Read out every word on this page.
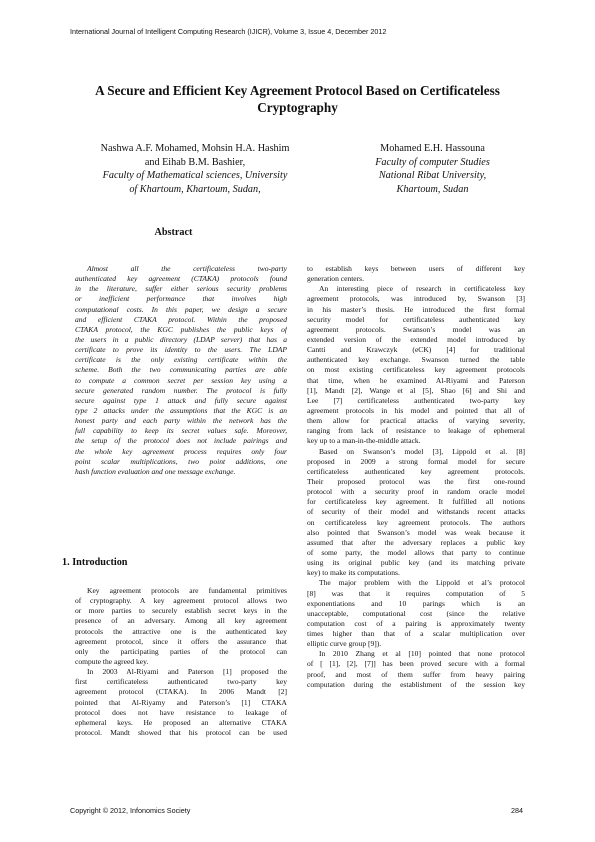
International Journal of Intelligent Computing Research (IJICR), Volume 3, Issue 4, December 2012
A Secure and Efficient Key Agreement Protocol Based on Certificateless
Cryptography
Nashwa A.F. Mohamed, Mohsin H.A. Hashim
and Eihab B.M. Bashier,
Faculty of Mathematical sciences, University
of Khartoum, Khartoum, Sudan,
Mohamed E.H. Hassouna
Faculty of computer Studies
National Ribat University,
Khartoum, Sudan
Abstract
Almost all the certificateless two-party
authenticated key agreement (CTAKA) protocols found
in the literature, suffer either serious security problems
or inefficient performance that involves high
computational costs. In this paper, we design a secure
and efficient CTAKA protocol. Within the proposed
CTAKA protocol, the KGC publishes the public keys of
the users in a public directory (LDAP server) that has a
certificate to prove its identity to the users. The LDAP
certificate is the only existing certificate within the
scheme. Both the two communicating parties are able
to compute a common secret per session key using a
secure generated random number. The protocol is fully
secure against type 1 attack and fully secure against
type 2 attacks under the assumptions that the KGC is an
honest party and each party within the network has the
full capability to keep its secret values safe. Moreover,
the setup of the protocol does not include pairings and
the whole key agreement process requires only four
point scalar multiplications, two point additions, one
hash function evaluation and one message exchange.
1. Introduction
Key agreement protocols are fundamental primitives
of cryptography. A key agreement protocol allows two
or more parties to securely establish secret keys in the
presence of an adversary. Among all key agreement
protocols the attractive one is the authenticated key
agreement protocol, since it offers the assurance that
only the participating parties of the protocol can
compute the agreed key.
In 2003 Al-Riyami and Paterson [1] proposed the
first certificateless authenticated two-party key
agreement protocol (CTAKA). In 2006 Mandt [2]
pointed that Al-Riyamy and Paterson’s [1] CTAKA
protocol does not have resistance to leakage of
ephemeral keys. He proposed an alternative CTAKA
protocol. Mandt showed that his protocol can be used
to establish keys between users of different key
generation centers.
An interesting piece of research in certificateless key
agreement protocols, was introduced by, Swanson [3]
in his master’s thesis. He introduced the first formal
security model for certificateless authenticated key
agreement protocols. Swanson’s model was an
extended version of the extended model introduced by
Cantti and Krawczyk (eCK) [4] for traditional
authenticated key exchange. Swanson turned the table
on most existing certificateless key agreement protocols
that time, when he examined Al-Riyami and Paterson
[1], Mandt [2], Wange et al [5], Shao [6] and Shi and
Lee [7] certificateless authenticated two-party key
agreement protocols in his model and pointed that all of
them allow for practical attacks of varying severity,
ranging from lack of resistance to leakage of ephemeral
key up to a man-in-the-middle attack.
Based on Swanson’s model [3], Lippold et al. [8]
proposed in 2009 a strong formal model for secure
certificateless authenticated key agreement protocols.
Their proposed protocol was the first one-round
protocol with a security proof in random oracle model
for certificateless key agreement. It fulfilled all notions
of security of their model and withstands recent attacks
on certificateless key agreement protocols. The authors
also pointed that Swanson’s model was weak because it
assumed that after the adversary replaces a public key
of some party, the model allows that party to continue
using its original public key (and its matching private
key) to make its computations.
The major problem with the Lippold et al’s protocol
[8] was that it requires computation of 5
exponentiations and 10 parings which is an
unacceptable, computational cost (since the relative
computation cost of a pairing is approximately twenty
times higher than that of a scalar multiplication over
elliptic curve group [9]).
In 2010 Zhang et al [10] pointed that none protocol
of [ [1], [2], [7]] has been proved secure with a formal
proof, and most of them suffer from heavy pairing
computation during the establishment of the session key
Copyright © 2012, Infonomics Society	284
